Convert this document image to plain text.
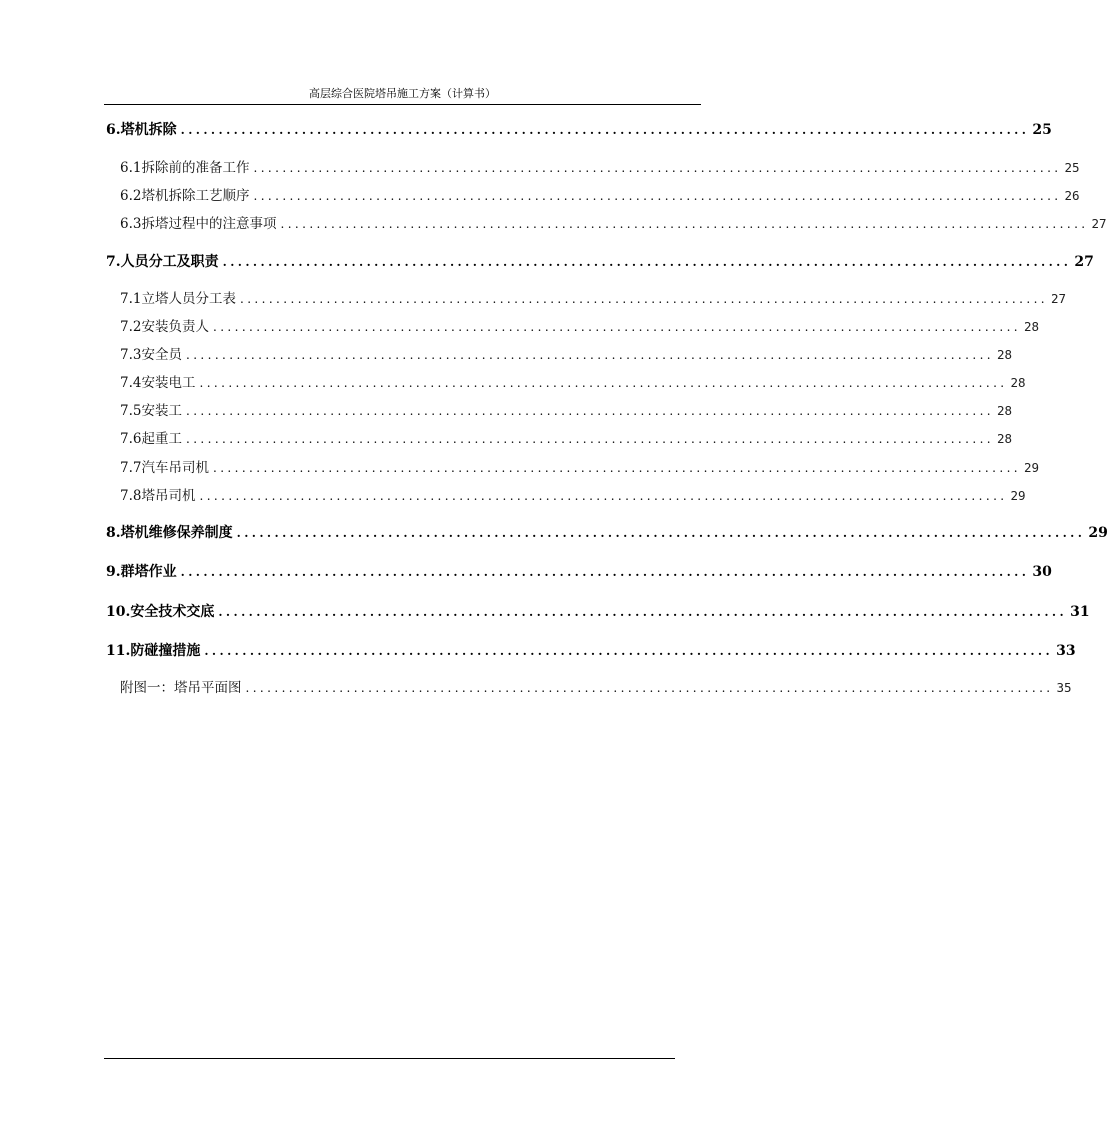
高层综合医院塔吊施工方案（计算书）
6.塔机拆除 ................................................................................................................ 25
6.1拆除前的准备工作 ................................................................................................................ 25
6.2塔机拆除工艺顺序 ................................................................................................................ 26
6.3拆塔过程中的注意事项 ................................................................................................................ 27
7.人员分工及职责 ................................................................................................................ 27
7.1立塔人员分工表 ................................................................................................................ 27
7.2安装负责人 ................................................................................................................ 28
7.3安全员 ................................................................................................................ 28
7.4安装电工 ................................................................................................................ 28
7.5安装工 ................................................................................................................ 28
7.6起重工 ................................................................................................................ 28
7.7汽车吊司机 ................................................................................................................ 29
7.8塔吊司机 ................................................................................................................ 29
8.塔机维修保养制度 ................................................................................................................ 29
9.群塔作业 ................................................................................................................ 30
10.安全技术交底 ................................................................................................................ 31
11.防碰撞措施 ................................................................................................................ 33
附图一：塔吊平面图 ................................................................................................................ 35
